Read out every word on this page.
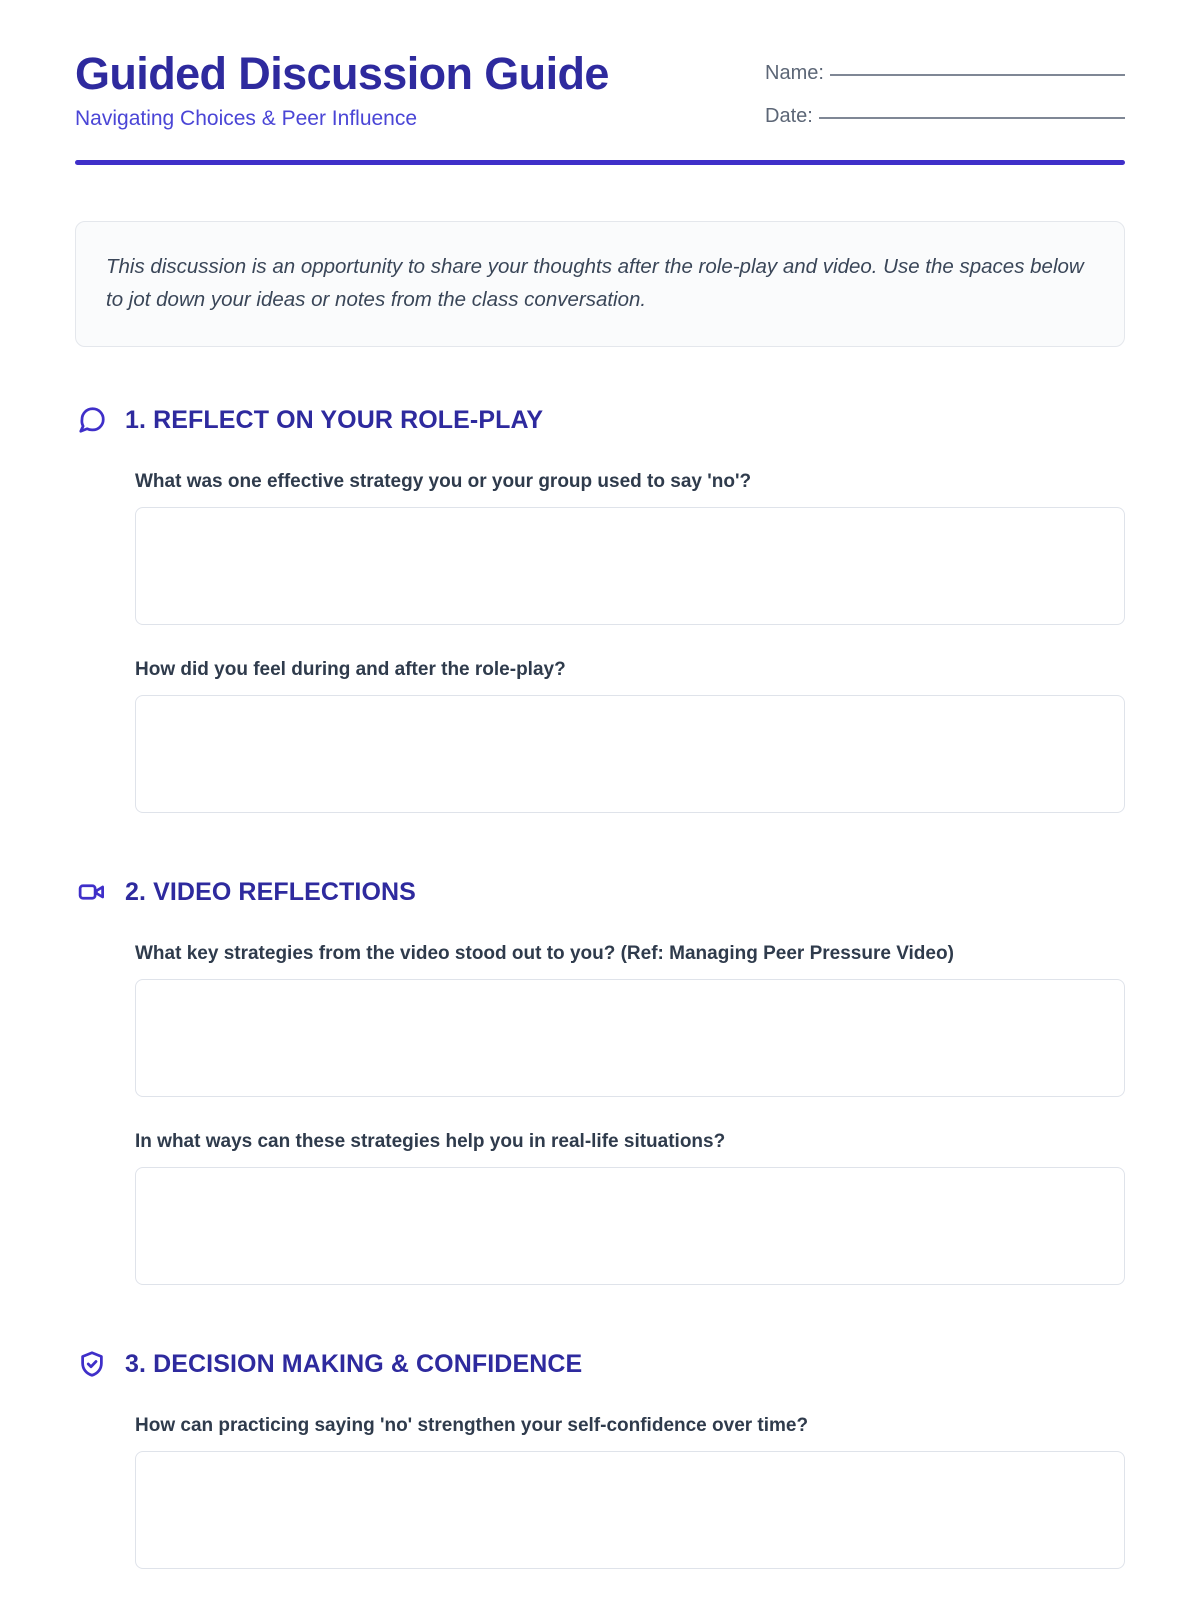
Guided Discussion Guide

Navigating Choices & Peer Influence

Name:
Date:

This discussion is an opportunity to share your thoughts after the role-play and video. Use the spaces below to jot down your ideas or notes from the class conversation.

1. REFLECT ON YOUR ROLE-PLAY

What was one effective strategy you or your group used to say 'no'?

How did you feel during and after the role-play?

2. VIDEO REFLECTIONS

What key strategies from the video stood out to you? (Ref: Managing Peer Pressure Video)

In what ways can these strategies help you in real-life situations?

3. DECISION MAKING & CONFIDENCE

How can practicing saying 'no' strengthen your self-confidence over time?
